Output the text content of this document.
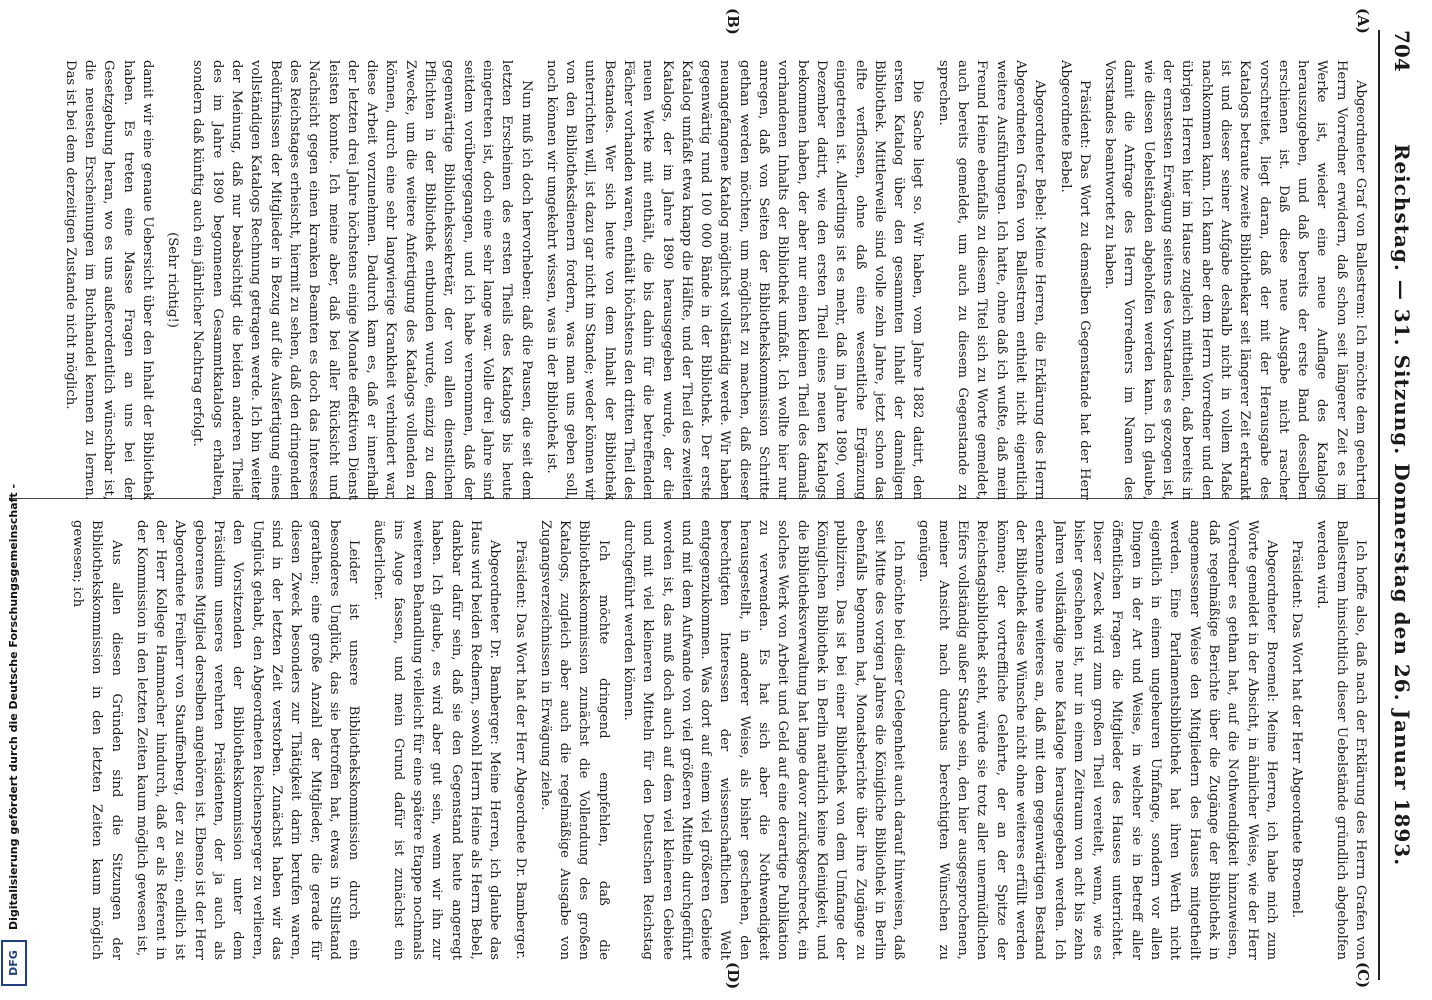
704
Reichstag. — 31. Sitzung. Donnerstag den 26. Januar 1893.
(A)
(B)
(C)
(D)

Abgeordneter Graf von Ballestrem: Ich möchte dem geehrten Herrn Vorredner erwidern, daß schon seit längerer Zeit es im Werke ist, wieder eine neue Auflage des Katalogs herauszugeben, und daß bereits der erste Band desselben erschienen ist. Daß diese neue Ausgabe nicht rascher vorschreitet, liegt daran, daß der mit der Herausgabe des Katalogs betraute zweite Bibliothekar seit längerer Zeit erkrankt ist und dieser seiner Aufgabe deshalb nicht in vollem Maße nachkommen kann. Ich kann aber dem Herrn Vorredner und den übrigen Herren hier im Hause zugleich mittheilen, daß bereits in der ernstesten Erwägung seitens des Vorstandes es gezogen ist, wie diesen Uebelständen abgeholfen werden kann. Ich glaube, damit die Anfrage des Herrn Vorredners im Namen des Vorstandes beantwortet zu haben.

Präsident: Das Wort zu demselben Gegenstande hat der Herr Abgeordnete Bebel.

Abgeordneter Bebel: Meine Herren, die Erklärung des Herrn Abgeordneten Grafen von Ballestrem enthielt nicht eigentlich weitere Ausführungen. Ich hatte, ohne daß ich wußte, daß mein Freund Heine ebenfalls zu diesem Titel sich zu Worte gemeldet, auch bereits gemeldet, um auch zu diesem Gegenstande zu sprechen.

Die Sache liegt so. Wir haben, vom Jahre 1882 datirt, den ersten Katalog über den gesammten Inhalt der damaligen Bibliothek. Mittlerweile sind volle zehn Jahre, jetzt schon das elfte verflossen, ohne daß eine wesentliche Ergänzung eingetreten ist. Allerdings ist es mehr, daß im Jahre 1890, vom Dezember datirt, wie den ersten Theil eines neuen Katalogs bekommen haben, der aber nur einen kleinen Theil des damals vorhandenen Inhalts der Bibliothek umfaßt. Ich wollte hier nur anregen, daß von Seiten der Bibliothekskommission Schritte gethan werden möchten, um möglichst zu machen, daß dieser neuangefangene Katalog möglichst vollständig werde. Wir haben gegenwärtig rund 100 000 Bände in der Bibliothek. Der erste Katalog umfaßt etwa knapp die Hälfte, und der Theil des zweiten Katalogs, der im Jahre 1890 herausgegeben wurde, der die neuen Werke mit enthält, die bis dahin für die betreffenden Fächer vorhanden waren, enthält höchstens den dritten Theil des Bestandes. Wer sich heute von dem Inhalt der Bibliothek unterrichten will, ist dazu gar nicht im Stande; weder können wir von den Bibliotheksdienern fordern, was man uns geben soll, noch können wir umgekehrt wissen, was in der Bibliothek ist.

Nun muß ich doch hervorheben: daß die Pausen, die seit dem letzten Erscheinen des ersten Theils des Katalogs bis heute eingetreten ist, doch eine sehr lange war. Volle drei Jahre sind seitdem vorübergegangen, und ich habe vernommen, daß der gegenwärtige Bibliothekssekretär, der von allen dienstlichen Pflichten in der Bibliothek entbunden wurde, einzig zu dem Zwecke, um die weitere Anfertigung des Katalogs vollenden zu können, durch eine sehr langwierige Krankheit verhindert war, diese Arbeit vorzunehmen. Dadurch kam es, daß er innerhalb der letzten drei Jahre höchstens einige Monate effektiven Dienst leisten konnte. Ich meine aber, daß bei aller Rücksicht und Nachsicht gegen einen kranken Beamten es doch das Interesse des Reichstages erheischt, hiermit zu sehen, daß den dringenden Bedürfnissen der Mitglieder in Bezug auf die Ausfertigung eines vollständigen Katalogs Rechnung getragen werde. Ich bin weiter der Meinung, daß nur beabsichtigt die beiden anderen Theile des im Jahre 1890 begonnenen Gesammtkatalogs erhalten, sondern daß künftig auch ein jährlicher Nachtrag erfolgt.

(Sehr richtig!)

damit wir eine genaue Uebersicht über den Inhalt der Bibliothek haben. Es treten eine Masse Fragen an uns bei der Gesetzgebung heran, wo es uns außerordentlich wünschbar ist, die neuesten Erscheinungen im Buchhandel kennen zu lernen. Das ist bei dem derzeitigen Zustande nicht möglich.

Ich hoffe also, daß nach der Erklärung des Herrn Grafen von Ballestrem hinsichtlich dieser Uebelstände gründlich abgeholfen werden wird.

Präsident: Das Wort hat der Herr Abgeordnete Broemel.

Abgeordneter Broemel: Meine Herren, ich habe mich zum Worte gemeldet in der Absicht, in ähnlicher Weise, wie der Herr Vorredner es gethan hat, auf die Nothwendigkeit hinzuweisen, daß regelmäßige Berichte über die Zugänge der Bibliothek in angemessener Weise den Mitgliedern des Hauses mitgetheilt werden. Eine Parlamentsbibliothek hat ihren Werth nicht eigentlich in einem ungeheuren Umfange, sondern vor allen Dingen in der Art und Weise, in welcher sie in Betreff aller öffentlichen Fragen die Mitglieder des Hauses unterrichtet. Dieser Zweck wird zum großen Theil vereitelt, wenn, wie es bisher geschehen ist, nur in einem Zeitraum von acht bis zehn Jahren vollständige neue Kataloge herausgegeben werden. Ich erkenne ohne weiteres an, daß mit dem gegenwärtigen Bestand der Bibliothek diese Wünsche nicht ohne weiteres erfüllt werden können; der vortreffliche Gelehrte, der an der Spitze der Reichstagsbibliothek steht, würde sie trotz aller unermüdlichen Eifers vollständig außer Stande sein, den hier ausgesprochenen, meiner Ansicht nach durchaus berechtigten Wünschen zu genügen.

Ich möchte bei dieser Gelegenheit auch darauf hinweisen, daß seit Mitte des vorigen Jahres die Königliche Bibliothek in Berlin ebenfalls begonnen hat, Monatsberichte über ihre Zugänge zu publiziren. Das ist bei einer Bibliothek von dem Umfange der Königlichen Bibliothek in Berlin natürlich keine Kleinigkeit, und die Bibliotheksverwaltung hat lange davor zurückgeschreckt, ein solches Werk von Arbeit und Geld auf eine derartige Publikation zu verwenden. Es hat sich aber die Nothwendigkeit herausgestellt, in anderer Weise, als bisher geschehen, den berechtigten Interessen der wissenschaftlichen Welt entgegenzukommen. Was dort auf einem viel größeren Gebiete und mit dem Aufwande von viel größeren Mitteln durchgeführt worden ist, das muß doch auch auf dem viel kleineren Gebiete und mit viel kleineren Mitteln für den Deutschen Reichstag durchgeführt werden können.

Ich möchte dringend empfehlen, daß die Bibliothekskommission zunächst die Vollendung des großen Katalogs, zugleich aber auch die regelmäßige Ausgabe von Zugangsverzeichnissen in Erwägung ziehe.

Präsident: Das Wort hat der Herr Abgeordnete Dr. Bamberger.

Abgeordneter Dr. Bamberger: Meine Herren, ich glaube das Haus wird beiden Rednern, sowohl Herrn Heine als Herrn Bebel, dankbar dafür sein, daß sie den Gegenstand heute angeregt haben. Ich glaube, es wird aber gut sein, wenn wir ihn zur weiteren Behandlung vielleicht für eine spätere Etappe nochmals ins Auge fassen, und mein Grund dafür ist zunächst ein äußerlicher.

Leider ist unsere Bibliothekskommission durch ein besonderes Unglück, das sie betroffen hat, etwas in Stillstand gerathen; eine große Anzahl der Mitglieder, die gerade für diesen Zweck besonders zur Thätigkeit darin berufen waren, sind in der letzten Zeit verstorben. Zunächst haben wir das Unglück gehabt, den Abgeordneten Reichensperger zu verlieren, den Vorsitzenden der Bibliothekskommission unter dem Präsidium unseres verehrten Präsidenten, der ja auch als geborenes Mitglied derselben angehören ist. Ebenso ist der Herr Abgeordnete Freiherr von Stauffenberg, der zu sein; endlich ist der Herr Kollege Hammacher hindurch, daß er als Referent in der Kommission in den letzten Zeiten kaum möglich gewesen ist,

Aus allen diesen Gründen sind die Sitzungen der Bibliothekskommission in den letzten Zeiten kaum möglich gewesen; ich

Digitalisierung gefördert durch die Deutsche Forschungsgemeinschaft -
DFG
